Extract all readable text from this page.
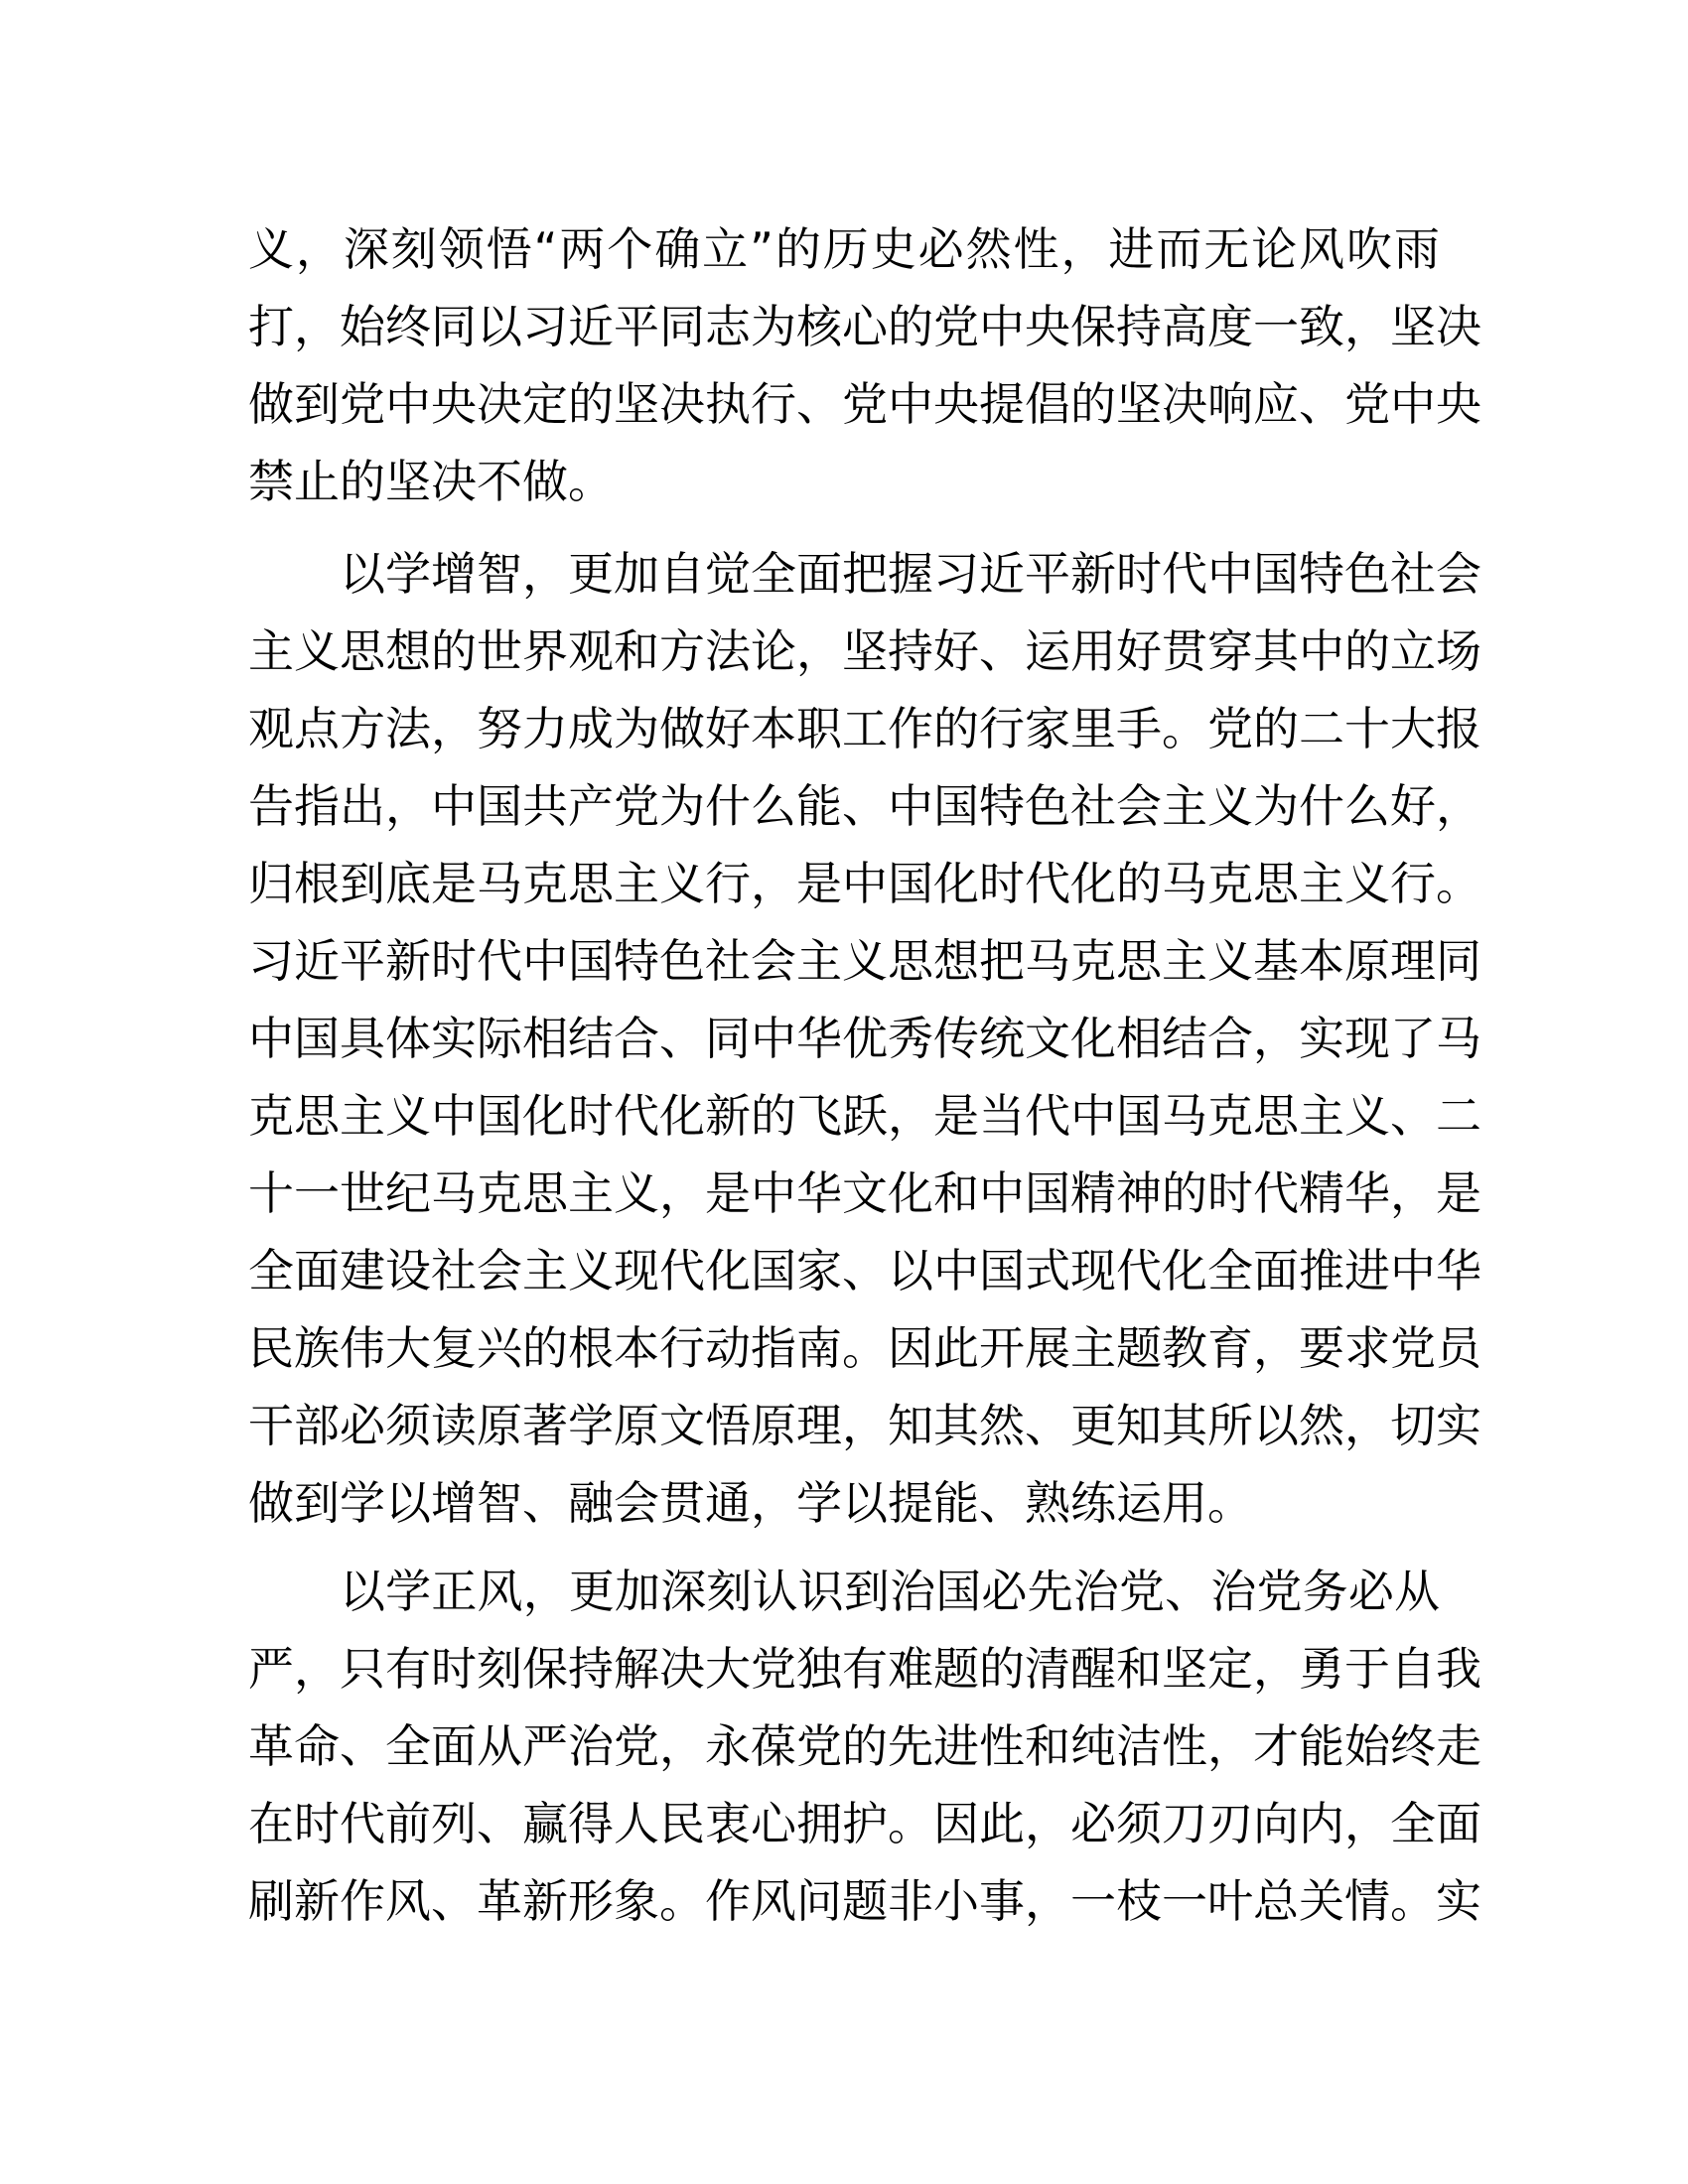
义，深刻领悟“两个确立”的历史必然性，进而无论风吹雨
打，始终同以习近平同志为核心的党中央保持高度一致，坚决
做到党中央决定的坚决执行、党中央提倡的坚决响应、党中央
禁止的坚决不做。
以学增智，更加自觉全面把握习近平新时代中国特色社会
主义思想的世界观和方法论，坚持好、运用好贯穿其中的立场
观点方法，努力成为做好本职工作的行家里手。党的二十大报
告指出，中国共产党为什么能、中国特色社会主义为什么好，
归根到底是马克思主义行，是中国化时代化的马克思主义行。
习近平新时代中国特色社会主义思想把马克思主义基本原理同
中国具体实际相结合、同中华优秀传统文化相结合，实现了马
克思主义中国化时代化新的飞跃，是当代中国马克思主义、二
十一世纪马克思主义，是中华文化和中国精神的时代精华，是
全面建设社会主义现代化国家、以中国式现代化全面推进中华
民族伟大复兴的根本行动指南。因此开展主题教育，要求党员
干部必须读原著学原文悟原理，知其然、更知其所以然，切实
做到学以增智、融会贯通，学以提能、熟练运用。
以学正风，更加深刻认识到治国必先治党、治党务必从
严，只有时刻保持解决大党独有难题的清醒和坚定，勇于自我
革命、全面从严治党，永葆党的先进性和纯洁性，才能始终走
在时代前列、赢得人民衷心拥护。因此，必须刀刃向内，全面
刷新作风、革新形象。作风问题非小事，一枝一叶总关情。实
